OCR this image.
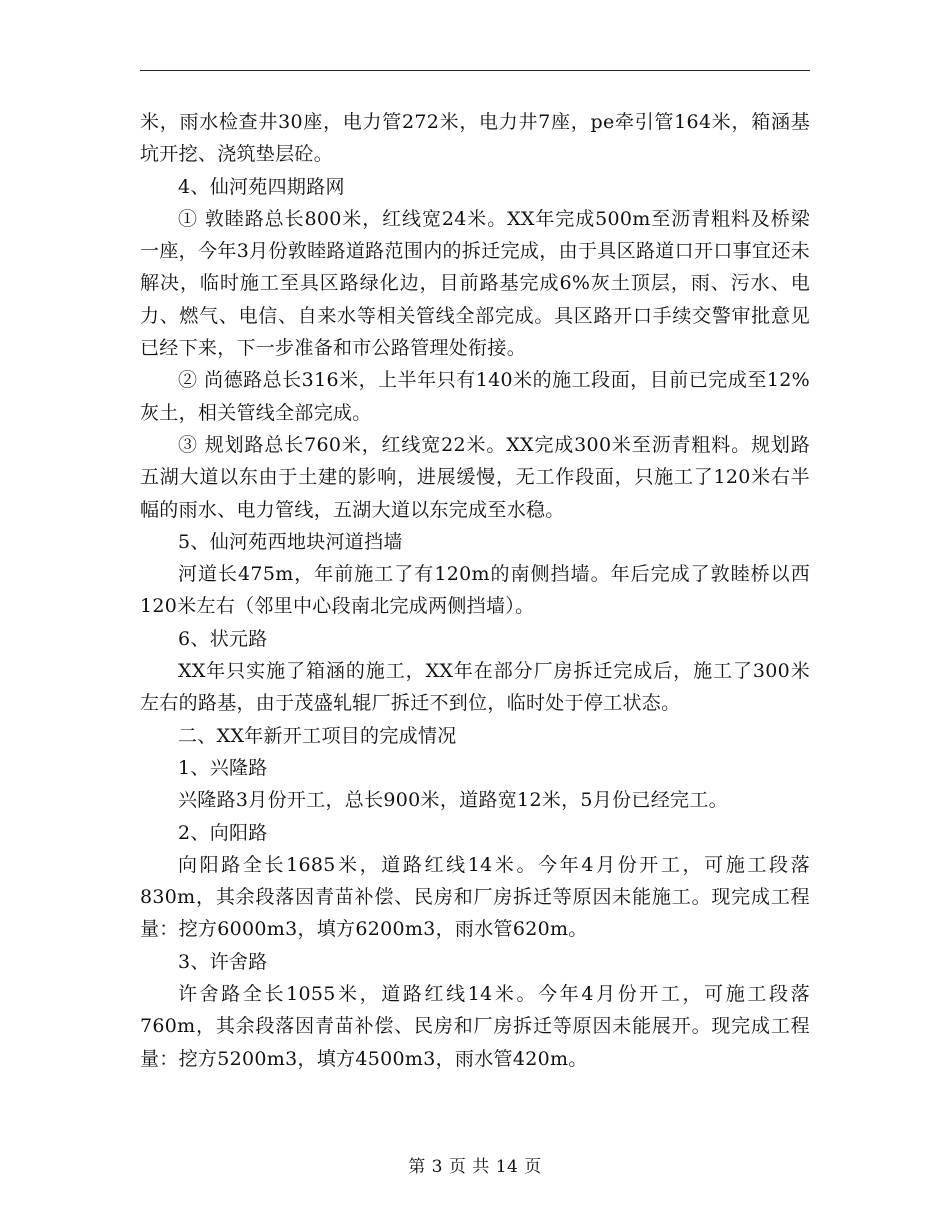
米，雨水检查井30座，电力管272米，电力井7座，pe牵引管164米，箱涵基坑开挖、浇筑垫层砼。

4、仙河苑四期路网

① 敦睦路总长800米，红线宽24米。XX年完成500m至沥青粗料及桥梁一座，今年3月份敦睦路道路范围内的拆迁完成，由于具区路道口开口事宜还未解决，临时施工至具区路绿化边，目前路基完成6%灰土顶层，雨、污水、电力、燃气、电信、自来水等相关管线全部完成。具区路开口手续交警审批意见已经下来，下一步准备和市公路管理处衔接。

② 尚德路总长316米，上半年只有140米的施工段面，目前已完成至12%灰土，相关管线全部完成。

③ 规划路总长760米，红线宽22米。XX完成300米至沥青粗料。规划路五湖大道以东由于土建的影响，进展缓慢，无工作段面，只施工了120米右半幅的雨水、电力管线，五湖大道以东完成至水稳。

5、仙河苑西地块河道挡墙

河道长475m，年前施工了有120m的南侧挡墙。年后完成了敦睦桥以西120米左右（邻里中心段南北完成两侧挡墙）。

6、状元路

XX年只实施了箱涵的施工，XX年在部分厂房拆迁完成后，施工了300米左右的路基，由于茂盛轧辊厂拆迁不到位，临时处于停工状态。

二、XX年新开工项目的完成情况

1、兴隆路

兴隆路3月份开工，总长900米，道路宽12米，5月份已经完工。

2、向阳路

向阳路全长1685米，道路红线14米。今年4月份开工，可施工段落830m，其余段落因青苗补偿、民房和厂房拆迁等原因未能施工。现完成工程量：挖方6000m3，填方6200m3，雨水管620m。

3、许舍路

许舍路全长1055米，道路红线14米。今年4月份开工，可施工段落760m，其余段落因青苗补偿、民房和厂房拆迁等原因未能展开。现完成工程量：挖方5200m3，填方4500m3，雨水管420m。

第 3 页 共 14 页
